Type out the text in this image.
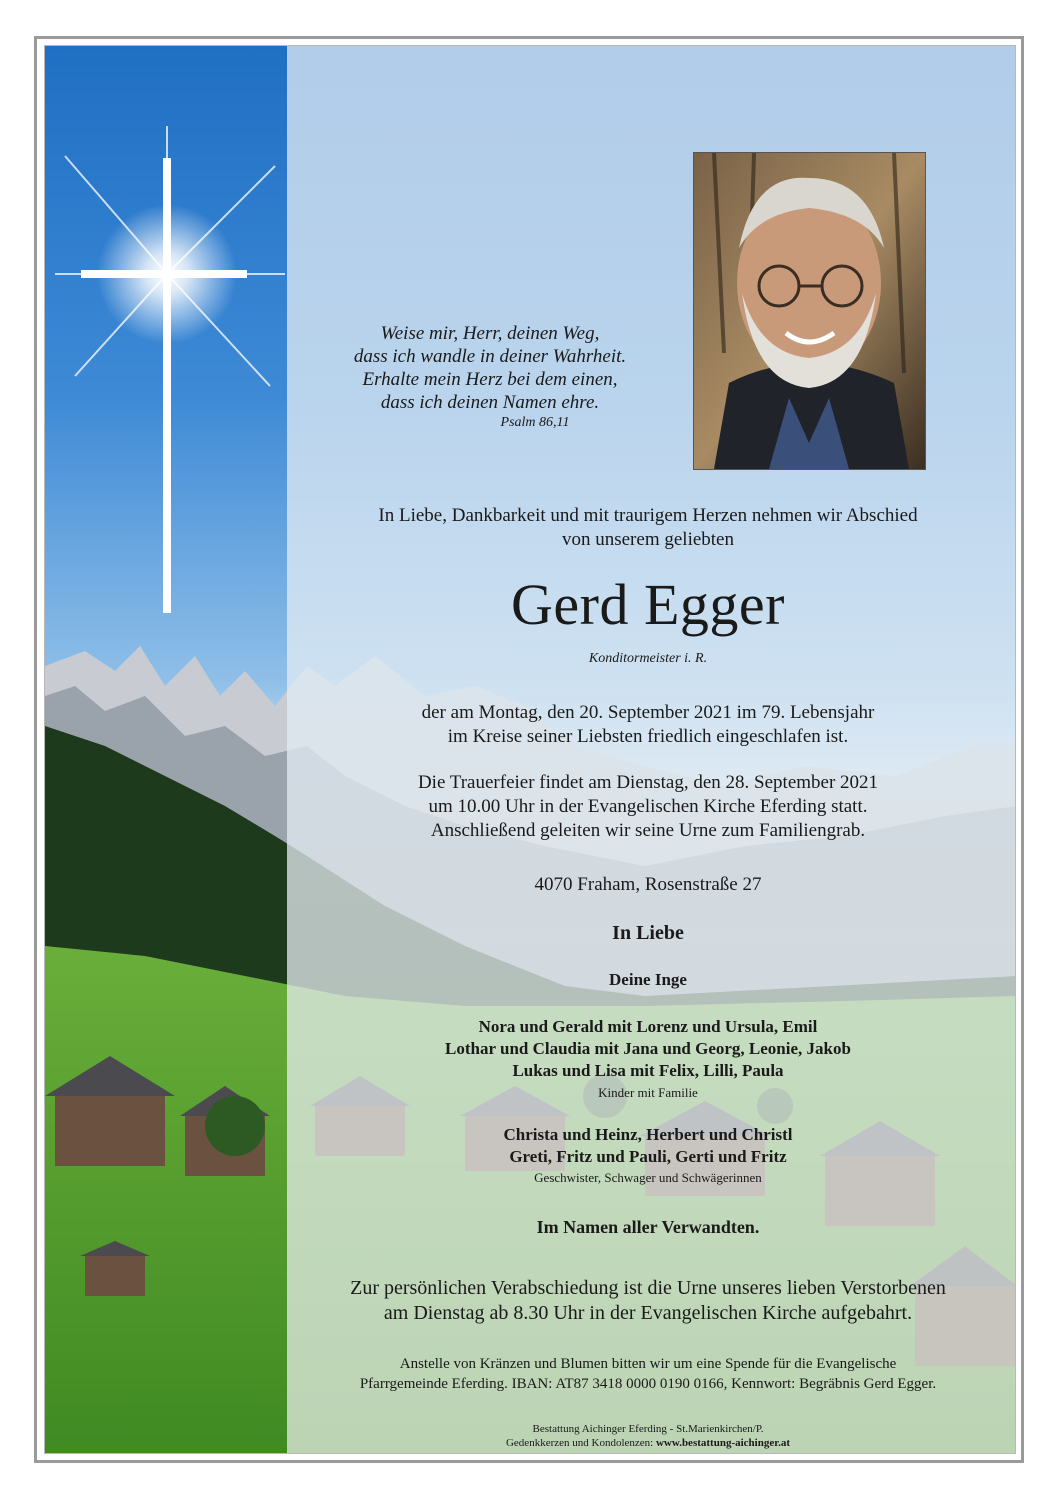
Weise mir, Herr, deinen Weg,
dass ich wandle in deiner Wahrheit.
Erhalte mein Herz bei dem einen,
dass ich deinen Namen ehre.
Psalm 86,11
In Liebe, Dankbarkeit und mit traurigem Herzen nehmen wir Abschied
von unserem geliebten
Gerd Egger
Konditormeister i. R.
der am Montag, den 20. September 2021 im 79. Lebensjahr
im Kreise seiner Liebsten friedlich eingeschlafen ist.
Die Trauerfeier findet am Dienstag, den 28. September 2021
um 10.00 Uhr in der Evangelischen Kirche Eferding statt.
Anschließend geleiten wir seine Urne zum Familiengrab.
4070 Fraham, Rosenstraße 27
In Liebe
Deine Inge
Nora und Gerald mit Lorenz und Ursula, Emil
Lothar und Claudia mit Jana und Georg, Leonie, Jakob
Lukas und Lisa mit Felix, Lilli, Paula
Kinder mit Familie
Christa und Heinz, Herbert und Christl
Greti, Fritz und Pauli, Gerti und Fritz
Geschwister, Schwager und Schwägerinnen
Im Namen aller Verwandten.
Zur persönlichen Verabschiedung ist die Urne unseres lieben Verstorbenen
am Dienstag ab 8.30 Uhr in der Evangelischen Kirche aufgebahrt.
Anstelle von Kränzen und Blumen bitten wir um eine Spende für die Evangelische
Pfarrgemeinde Eferding. IBAN: AT87 3418 0000 0190 0166, Kennwort: Begräbnis Gerd Egger.
Bestattung Aichinger Eferding - St.Marienkirchen/P.
Gedenkkerzen und Kondolenzen: www.bestattung-aichinger.at
